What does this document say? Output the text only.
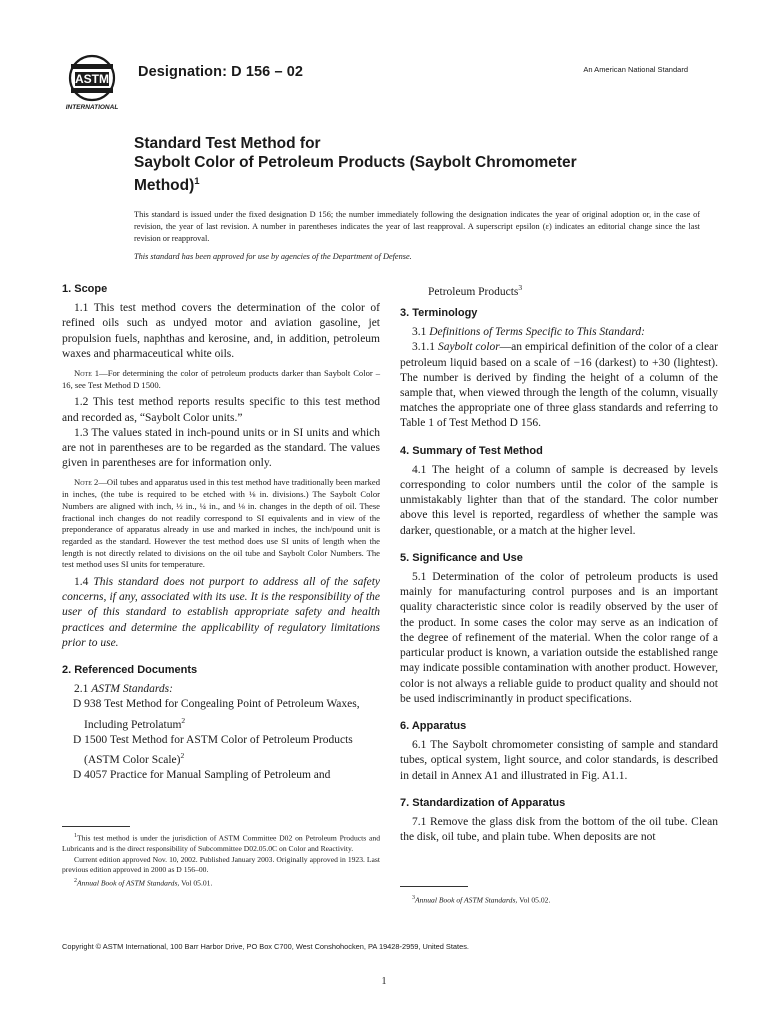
ASTM
INTERNATIONAL
Designation: D 156 – 02	An American National Standard
Standard Test Method for
Saybolt Color of Petroleum Products (Saybolt Chromometer
Method)$^1$
This standard is issued under the fixed designation D 156; the number immediately following the designation indicates the year of original adoption or, in the case of revision, the year of last revision. A number in parentheses indicates the year of last reapproval. A superscript epsilon (ε) indicates an editorial change since the last revision or reapproval.
This standard has been approved for use by agencies of the Department of Defense.

1. Scope

1.1 This test method covers the determination of the color of refined oils such as undyed motor and aviation gasoline, jet propulsion fuels, naphthas and kerosine, and, in addition, petroleum waxes and pharmaceutical white oils.

Note 1—For determining the color of petroleum products darker than Saybolt Color – 16, see Test Method D 1500.

1.2 This test method reports results specific to this test method and recorded as, “Saybolt Color units.”

1.3 The values stated in inch-pound units or in SI units and which are not in parentheses are to be regarded as the standard. The values given in parentheses are for information only.

Note 2—Oil tubes and apparatus used in this test method have traditionally been marked in inches, (the tube is required to be etched with ⅛ in. divisions.) The Saybolt Color Numbers are aligned with inch, ½ in., ¼ in., and ⅛ in. changes in the depth of oil. These fractional inch changes do not readily correspond to SI equivalents and in view of the preponderance of apparatus already in use and marked in inches, the inch/pound unit is regarded as the standard. However the test method does use SI units of length when the length is not directly related to divisions on the oil tube and Saybolt Color Numbers. The test method uses SI units for temperature.

1.4 This standard does not purport to address all of the safety concerns, if any, associated with its use. It is the responsibility of the user of this standard to establish appropriate safety and health practices and determine the applicability of regulatory limitations prior to use.

2. Referenced Documents

2.1 ASTM Standards:

D 938 Test Method for Congealing Point of Petroleum Waxes, Including Petrolatum$^2$

D 1500 Test Method for ASTM Color of Petroleum Products (ASTM Color Scale)$^2$

D 4057 Practice for Manual Sampling of Petroleum and

Petroleum Products$^3$

3. Terminology

3.1 Definitions of Terms Specific to This Standard:

3.1.1 Saybolt color—an empirical definition of the color of a clear petroleum liquid based on a scale of −16 (darkest) to +30 (lightest). The number is derived by finding the height of a column of the sample that, when viewed through the length of the column, visually matches the appropriate one of three glass standards and referring to Table 1 of Test Method D 156.

4. Summary of Test Method

4.1 The height of a column of sample is decreased by levels corresponding to color numbers until the color of the sample is unmistakably lighter than that of the standard. The color number above this level is reported, regardless of whether the sample was darker, questionable, or a match at the higher level.

5. Significance and Use

5.1 Determination of the color of petroleum products is used mainly for manufacturing control purposes and is an important quality characteristic since color is readily observed by the user of the product. In some cases the color may serve as an indication of the degree of refinement of the material. When the color range of a particular product is known, a variation outside the established range may indicate possible contamination with another product. However, color is not always a reliable guide to product quality and should not be used indiscriminantly in product specifications.

6. Apparatus

6.1 The Saybolt chromometer consisting of sample and standard tubes, optical system, light source, and color standards, is described in detail in Annex A1 and illustrated in Fig. A1.1.

7. Standardization of Apparatus

7.1 Remove the glass disk from the bottom of the oil tube. Clean the disk, oil tube, and plain tube. When deposits are not

$^1$This test method is under the jurisdiction of ASTM Committee D02 on Petroleum Products and Lubricants and is the direct responsibility of Subcommittee D02.05.0C on Color and Reactivity.

Current edition approved Nov. 10, 2002. Published January 2003. Originally approved in 1923. Last previous edition approved in 2000 as D 156–00.

$^2$Annual Book of ASTM Standards, Vol 05.01.

$^3$Annual Book of ASTM Standards, Vol 05.02.

Copyright © ASTM International, 100 Barr Harbor Drive, PO Box C700, West Conshohocken, PA 19428-2959, United States.
1
